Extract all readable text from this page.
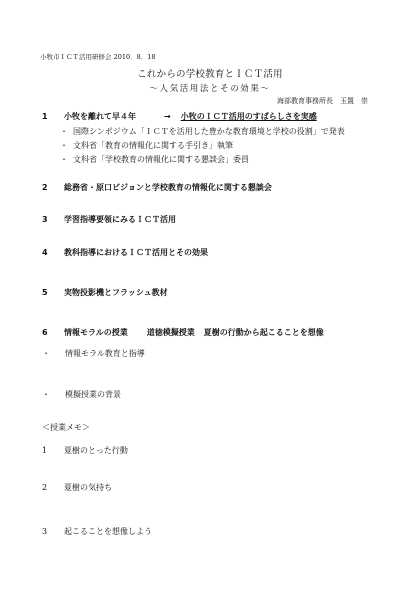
小牧市ＩＣＴ活用研修会 2010．8．18
これからの学校教育とＩＣＴ活用
～人気活用法とその効果～
海部教育事務所長　玉置　崇
1 小牧を離れて早４年	→ 小牧のＩＣＴ活用のすばらしさを実感
・ 国際シンポジウム「ＩＣＴを活用した豊かな教育環境と学校の役割」で発表
・ 文科省「教育の情報化に関する手引き」執筆
・ 文科省「学校教育の情報化に関する懇談会」委員
2 総務省・原口ビジョンと学校教育の情報化に関する懇談会
3 学習指導要領にみるＩＣＴ活用
4 教科指導におけるＩＣＴ活用とその効果
5 実物投影機とフラッシュ教材
6 情報モラルの授業 道徳模擬授業 夏樹の行動から起こることを想像
・ 情報モラル教育と指導
・ 模擬授業の背景
＜授業メモ＞
1 夏樹のとった行動
2 夏樹の気持ち
3 起こることを想像しよう
